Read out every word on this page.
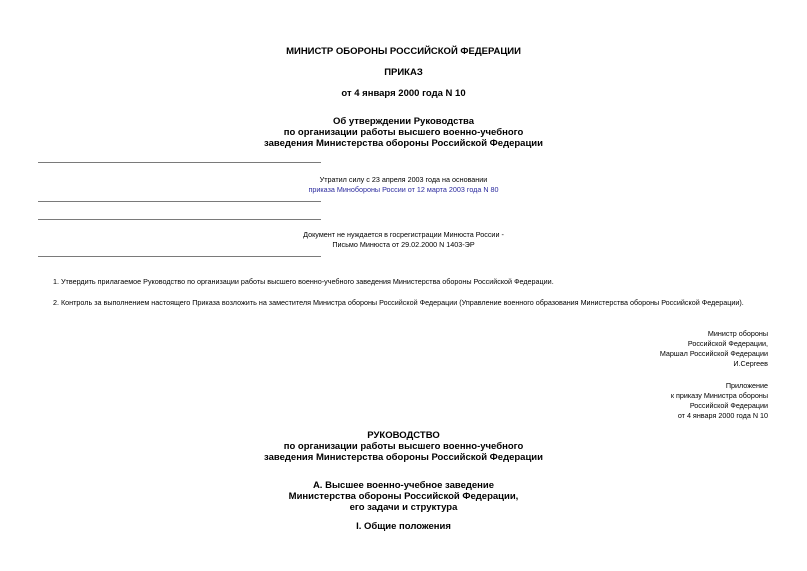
МИНИСТР ОБОРОНЫ РОССИЙСКОЙ ФЕДЕРАЦИИ
ПРИКАЗ
от 4 января 2000 года N 10
Об утверждении Руководства
по организации работы высшего военно-учебного
заведения Министерства обороны Российской Федерации
Утратил силу с 23 апреля 2003 года на основании
приказа Минобороны России от 12 марта 2003 года N 80
Документ не нуждается в госрегистрации Минюста России -
Письмо Минюста от 29.02.2000 N 1403-ЭР
1. Утвердить прилагаемое Руководство по организации работы высшего военно-учебного заведения Министерства обороны Российской Федерации.
2. Контроль за выполнением настоящего Приказа возложить на заместителя Министра обороны Российской Федерации (Управление военного образования Министерства обороны Российской Федерации).
Министр обороны
Российской Федерации,
Маршал Российской Федерации
И.Сергеев
Приложение
к приказу Министра обороны
Российской Федерации
от 4 января 2000 года N 10
РУКОВОДСТВО
по организации работы высшего военно-учебного
заведения Министерства обороны Российской Федерации
А. Высшее военно-учебное заведение
Министерства обороны Российской Федерации,
его задачи и структура
I. Общие положения
